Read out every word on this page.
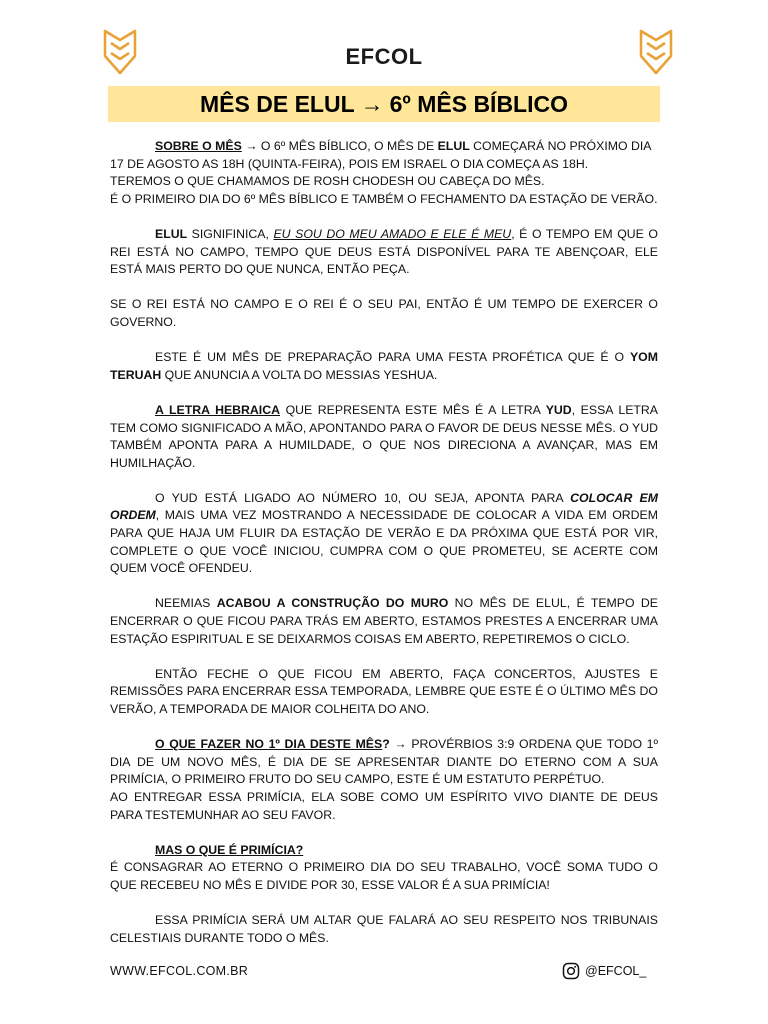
EFCOL
MÊS DE ELUL → 6º MÊS BÍBLICO

SOBRE O MÊS → O 6º MÊS BÍBLICO, O MÊS DE ELUL COMEÇARÁ NO PRÓXIMO DIA 17 DE AGOSTO AS 18H (QUINTA-FEIRA), POIS EM ISRAEL O DIA COMEÇA AS 18H.
TEREMOS O QUE CHAMAMOS DE ROSH CHODESH OU CABEÇA DO MÊS.
É O PRIMEIRO DIA DO 6º MÊS BÍBLICO E TAMBÉM O FECHAMENTO DA ESTAÇÃO DE VERÃO.

ELUL SIGNIFINICA, EU SOU DO MEU AMADO E ELE É MEU, É O TEMPO EM QUE O REI ESTÁ NO CAMPO, TEMPO QUE DEUS ESTÁ DISPONÍVEL PARA TE ABENÇOAR, ELE ESTÁ MAIS PERTO DO QUE NUNCA, ENTÃO PEÇA.

SE O REI ESTÁ NO CAMPO E O REI É O SEU PAI, ENTÃO É UM TEMPO DE EXERCER O GOVERNO.

ESTE É UM MÊS DE PREPARAÇÃO PARA UMA FESTA PROFÉTICA QUE É O YOM TERUAH QUE ANUNCIA A VOLTA DO MESSIAS YESHUA.

A LETRA HEBRAICA QUE REPRESENTA ESTE MÊS É A LETRA YUD, ESSA LETRA TEM COMO SIGNIFICADO A MÃO, APONTANDO PARA O FAVOR DE DEUS NESSE MÊS. O YUD TAMBÉM APONTA PARA A HUMILDADE, O QUE NOS DIRECIONA A AVANÇAR, MAS EM HUMILHAÇÃO.

O YUD ESTÁ LIGADO AO NÚMERO 10, OU SEJA, APONTA PARA COLOCAR EM ORDEM, MAIS UMA VEZ MOSTRANDO A NECESSIDADE DE COLOCAR A VIDA EM ORDEM PARA QUE HAJA UM FLUIR DA ESTAÇÃO DE VERÃO E DA PRÓXIMA QUE ESTÁ POR VIR, COMPLETE O QUE VOCÊ INICIOU, CUMPRA COM O QUE PROMETEU, SE ACERTE COM QUEM VOCÊ OFENDEU.

NEEMIAS ACABOU A CONSTRUÇÃO DO MURO NO MÊS DE ELUL, É TEMPO DE ENCERRAR O QUE FICOU PARA TRÁS EM ABERTO, ESTAMOS PRESTES A ENCERRAR UMA ESTAÇÃO ESPIRITUAL E SE DEIXARMOS COISAS EM ABERTO, REPETIREMOS O CICLO.

ENTÃO FECHE O QUE FICOU EM ABERTO, FAÇA CONCERTOS, AJUSTES E REMISSÕES PARA ENCERRAR ESSA TEMPORADA, LEMBRE QUE ESTE É O ÚLTIMO MÊS DO VERÃO, A TEMPORADA DE MAIOR COLHEITA DO ANO.

O QUE FAZER NO 1º DIA DESTE MÊS? → PROVÉRBIOS 3:9 ORDENA QUE TODO 1º DIA DE UM NOVO MÊS, É DIA DE SE APRESENTAR DIANTE DO ETERNO COM A SUA PRIMÍCIA, O PRIMEIRO FRUTO DO SEU CAMPO, ESTE É UM ESTATUTO PERPÉTUO.
AO ENTREGAR ESSA PRIMÍCIA, ELA SOBE COMO UM ESPÍRITO VIVO DIANTE DE DEUS PARA TESTEMUNHAR AO SEU FAVOR.

MAS O QUE É PRIMÍCIA?
É CONSAGRAR AO ETERNO O PRIMEIRO DIA DO SEU TRABALHO, VOCÊ SOMA TUDO O QUE RECEBEU NO MÊS E DIVIDE POR 30, ESSE VALOR É A SUA PRIMÍCIA!

ESSA PRIMÍCIA SERÁ UM ALTAR QUE FALARÁ AO SEU RESPEITO NOS TRIBUNAIS CELESTIAIS DURANTE TODO O MÊS.

WWW.EFCOL.COM.BR	@EFCOL_
